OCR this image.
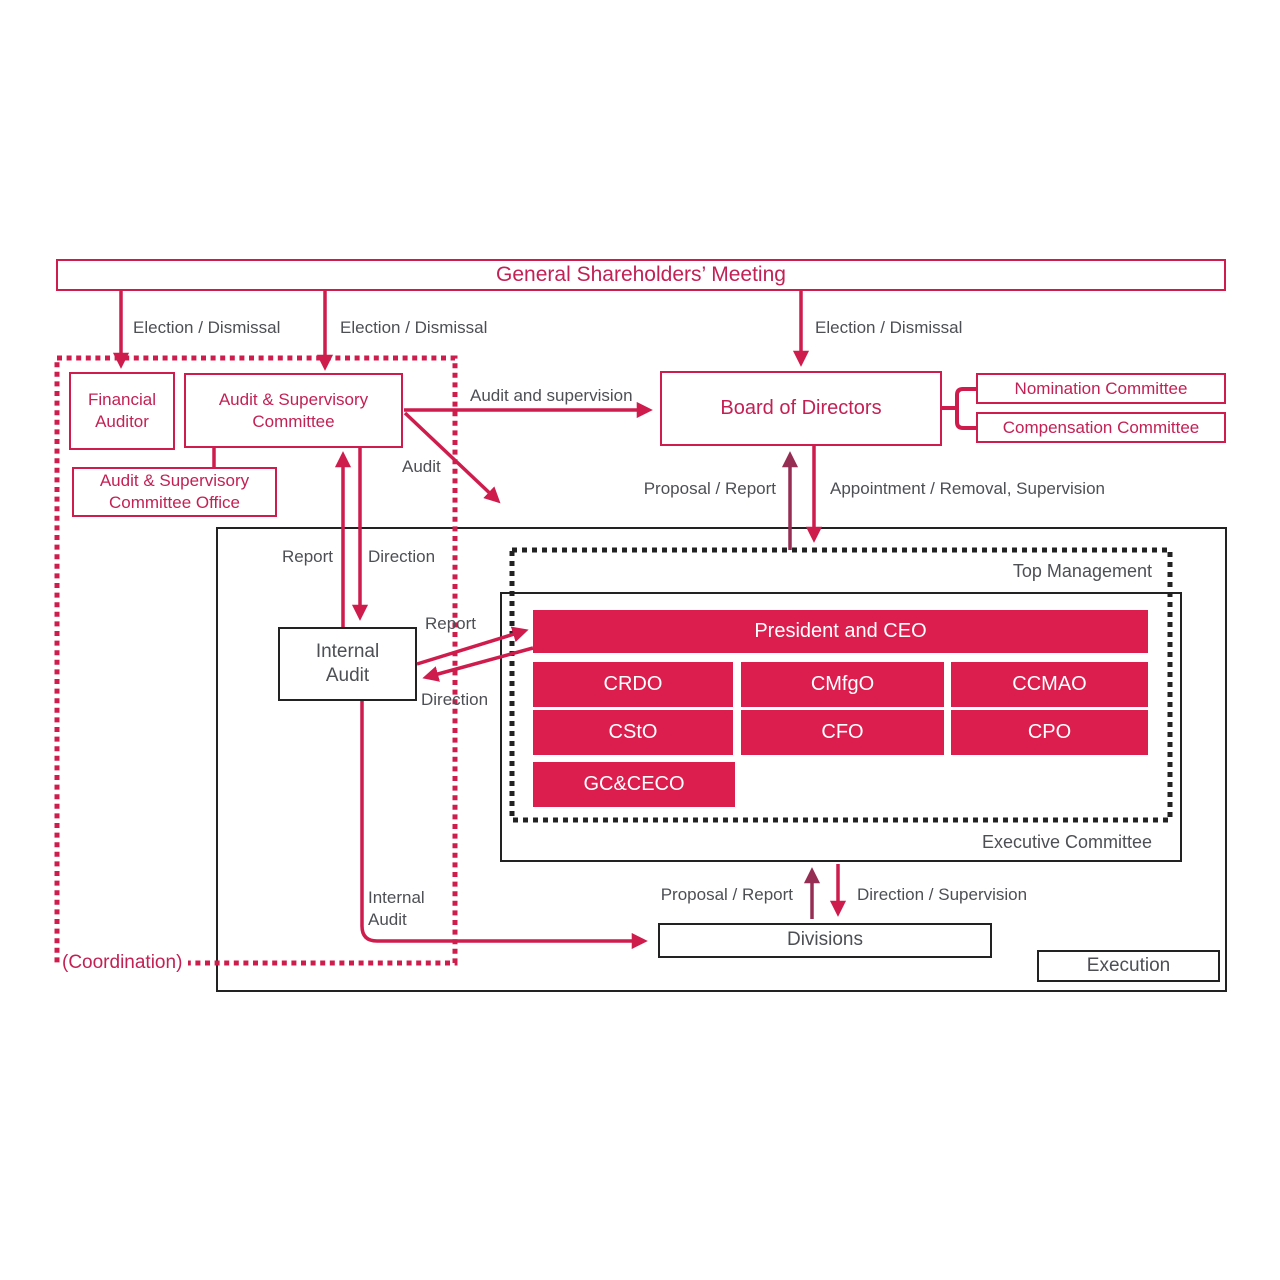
General Shareholders’ Meeting
Financial
Auditor
Audit & Supervisory
Committee
Audit & Supervisory
Committee Office
Board of Directors
Nomination Committee
Compensation Committee
President and CEO
CRDO	CMfgO	CCMAO
CStO	CFO	CPO
GC&CECO
Internal
Audit
Divisions
Execution
Election / Dismissal	Election / Dismissal	Election / Dismissal
Audit and supervision
Audit
Proposal / Report	Appointment / Removal, Supervision
Report Direction
Report
Direction
Top Management
Executive Committee
Internal
Audit
Proposal / Report	Direction / Supervision
(Coordination)
